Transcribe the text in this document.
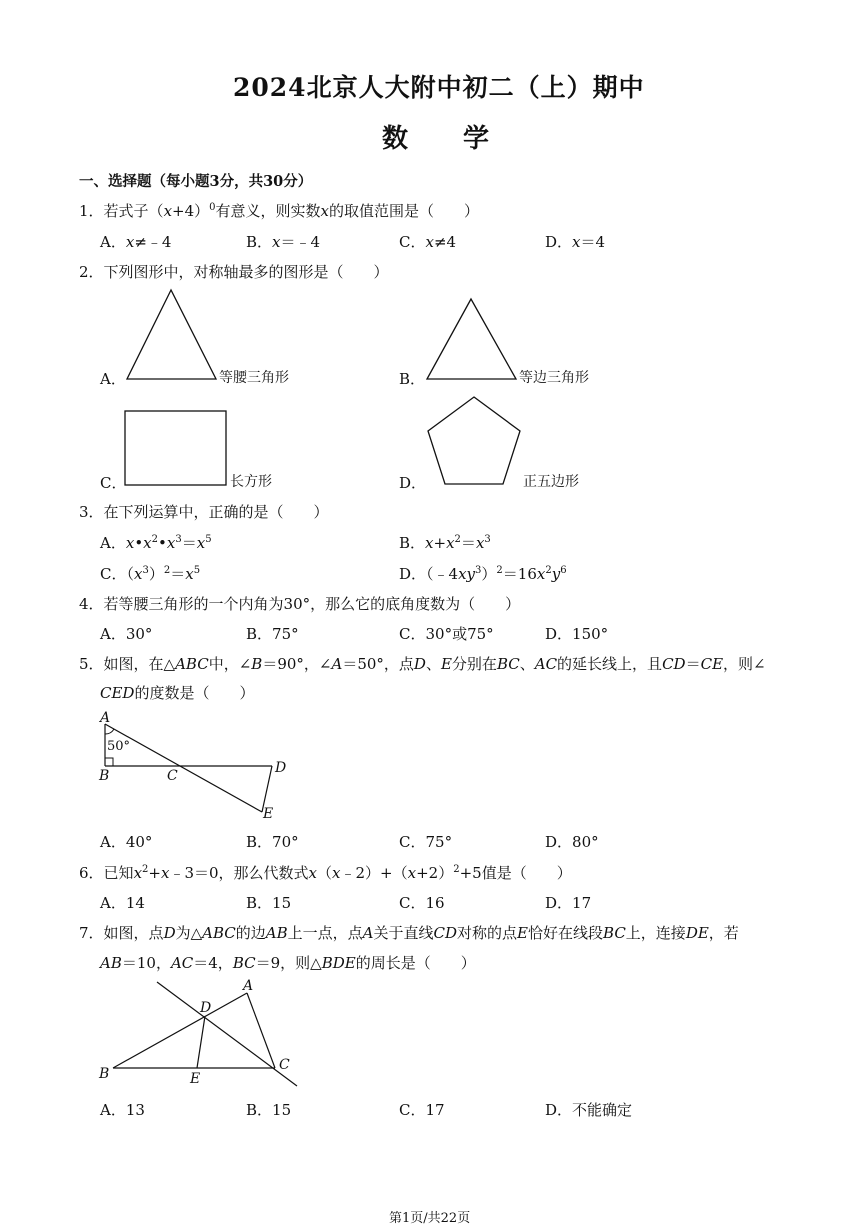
2024北京人大附中初二（上）期中
数　　学
一、选择题（每小题3分，共30分）
1．若式子$(x+4)^0$有意义，则实数x的取值范围是（　　）
A．x≠﹣4	B．x＝﹣4	C．x≠4	D．x＝4
2．下列图形中，对称轴最多的图形是（　　）
A．	等腰三角形	B．	等边三角形
C．	长方形	D．	正五边形
3．在下列运算中，正确的是（　　）
A．$x•x^2•x^3=x^5$	B．$x+x^2=x^3$
C．$(x^3)^2=x^5$	D．$(﹣4xy^3)^2=16x^2y^6$
4．若等腰三角形的一个内角为30°，那么它的底角度数为（　　）
A．30°	B．75°	C．30°或75°	D．150°
5．如图，在△ABC中，∠B＝90°，∠A＝50°，点D、E分别在BC、AC的延长线上，且CD＝CE，则∠
CED的度数是（　　）
A
B	C	D
E
50°
A．40°	B．70°	C．75°	D．80°
6．已知$x^2+x﹣3=0$，那么代数式$x(x﹣2)+(x+2)^2+5$值是（　　）
A．14	B．15	C．16	D．17
7．如图，点D为△ABC的边AB上一点，点A关于直线CD对称的点E恰好在线段BC上，连接DE，若
AB＝10，AC＝4，BC＝9，则△BDE的周长是（　　）
A
B
C
D
E
A．13	B．15	C．17	D．不能确定
第1页/共22页
